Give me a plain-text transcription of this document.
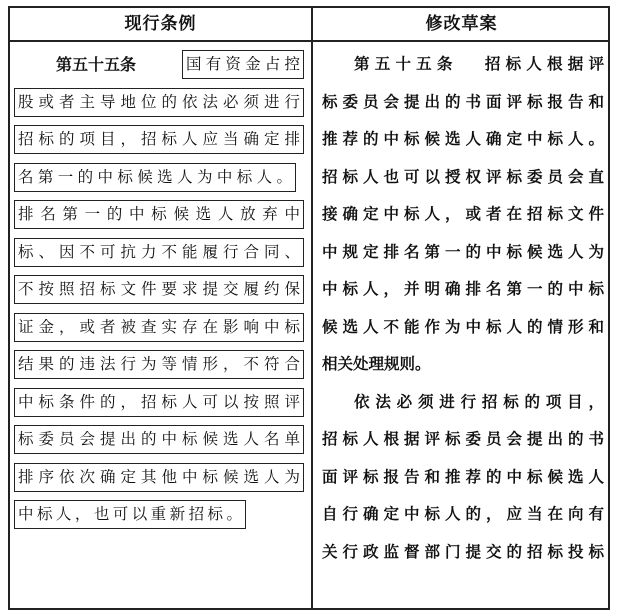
现行条例	修改草案
第五十五条	国有资金占控
股或者主导地位的依法必须进行
招标的项目，招标人应当确定排
名第一的中标候选人为中标人。
排名第一的中标候选人放弃中
标、因不可抗力不能履行合同、
不按照招标文件要求提交履约保
证金，或者被查实存在影响中标
结果的违法行为等情形，不符合
中标条件的，招标人可以按照评
标委员会提出的中标候选人名单
排序依次确定其他中标候选人为
中标人，也可以重新招标。
第五十五条 招标人根据评
标委员会提出的书面评标报告和
推荐的中标候选人确定中标人。
招标人也可以授权评标委员会直
接确定中标人，或者在招标文件
中规定排名第一的中标候选人为
中标人，并明确排名第一的中标
候选人不能作为中标人的情形和
相关处理规则。
依法必须进行招标的项目，
招标人根据评标委员会提出的书
面评标报告和推荐的中标候选人
自行确定中标人的，应当在向有
关行政监督部门提交的招标投标
